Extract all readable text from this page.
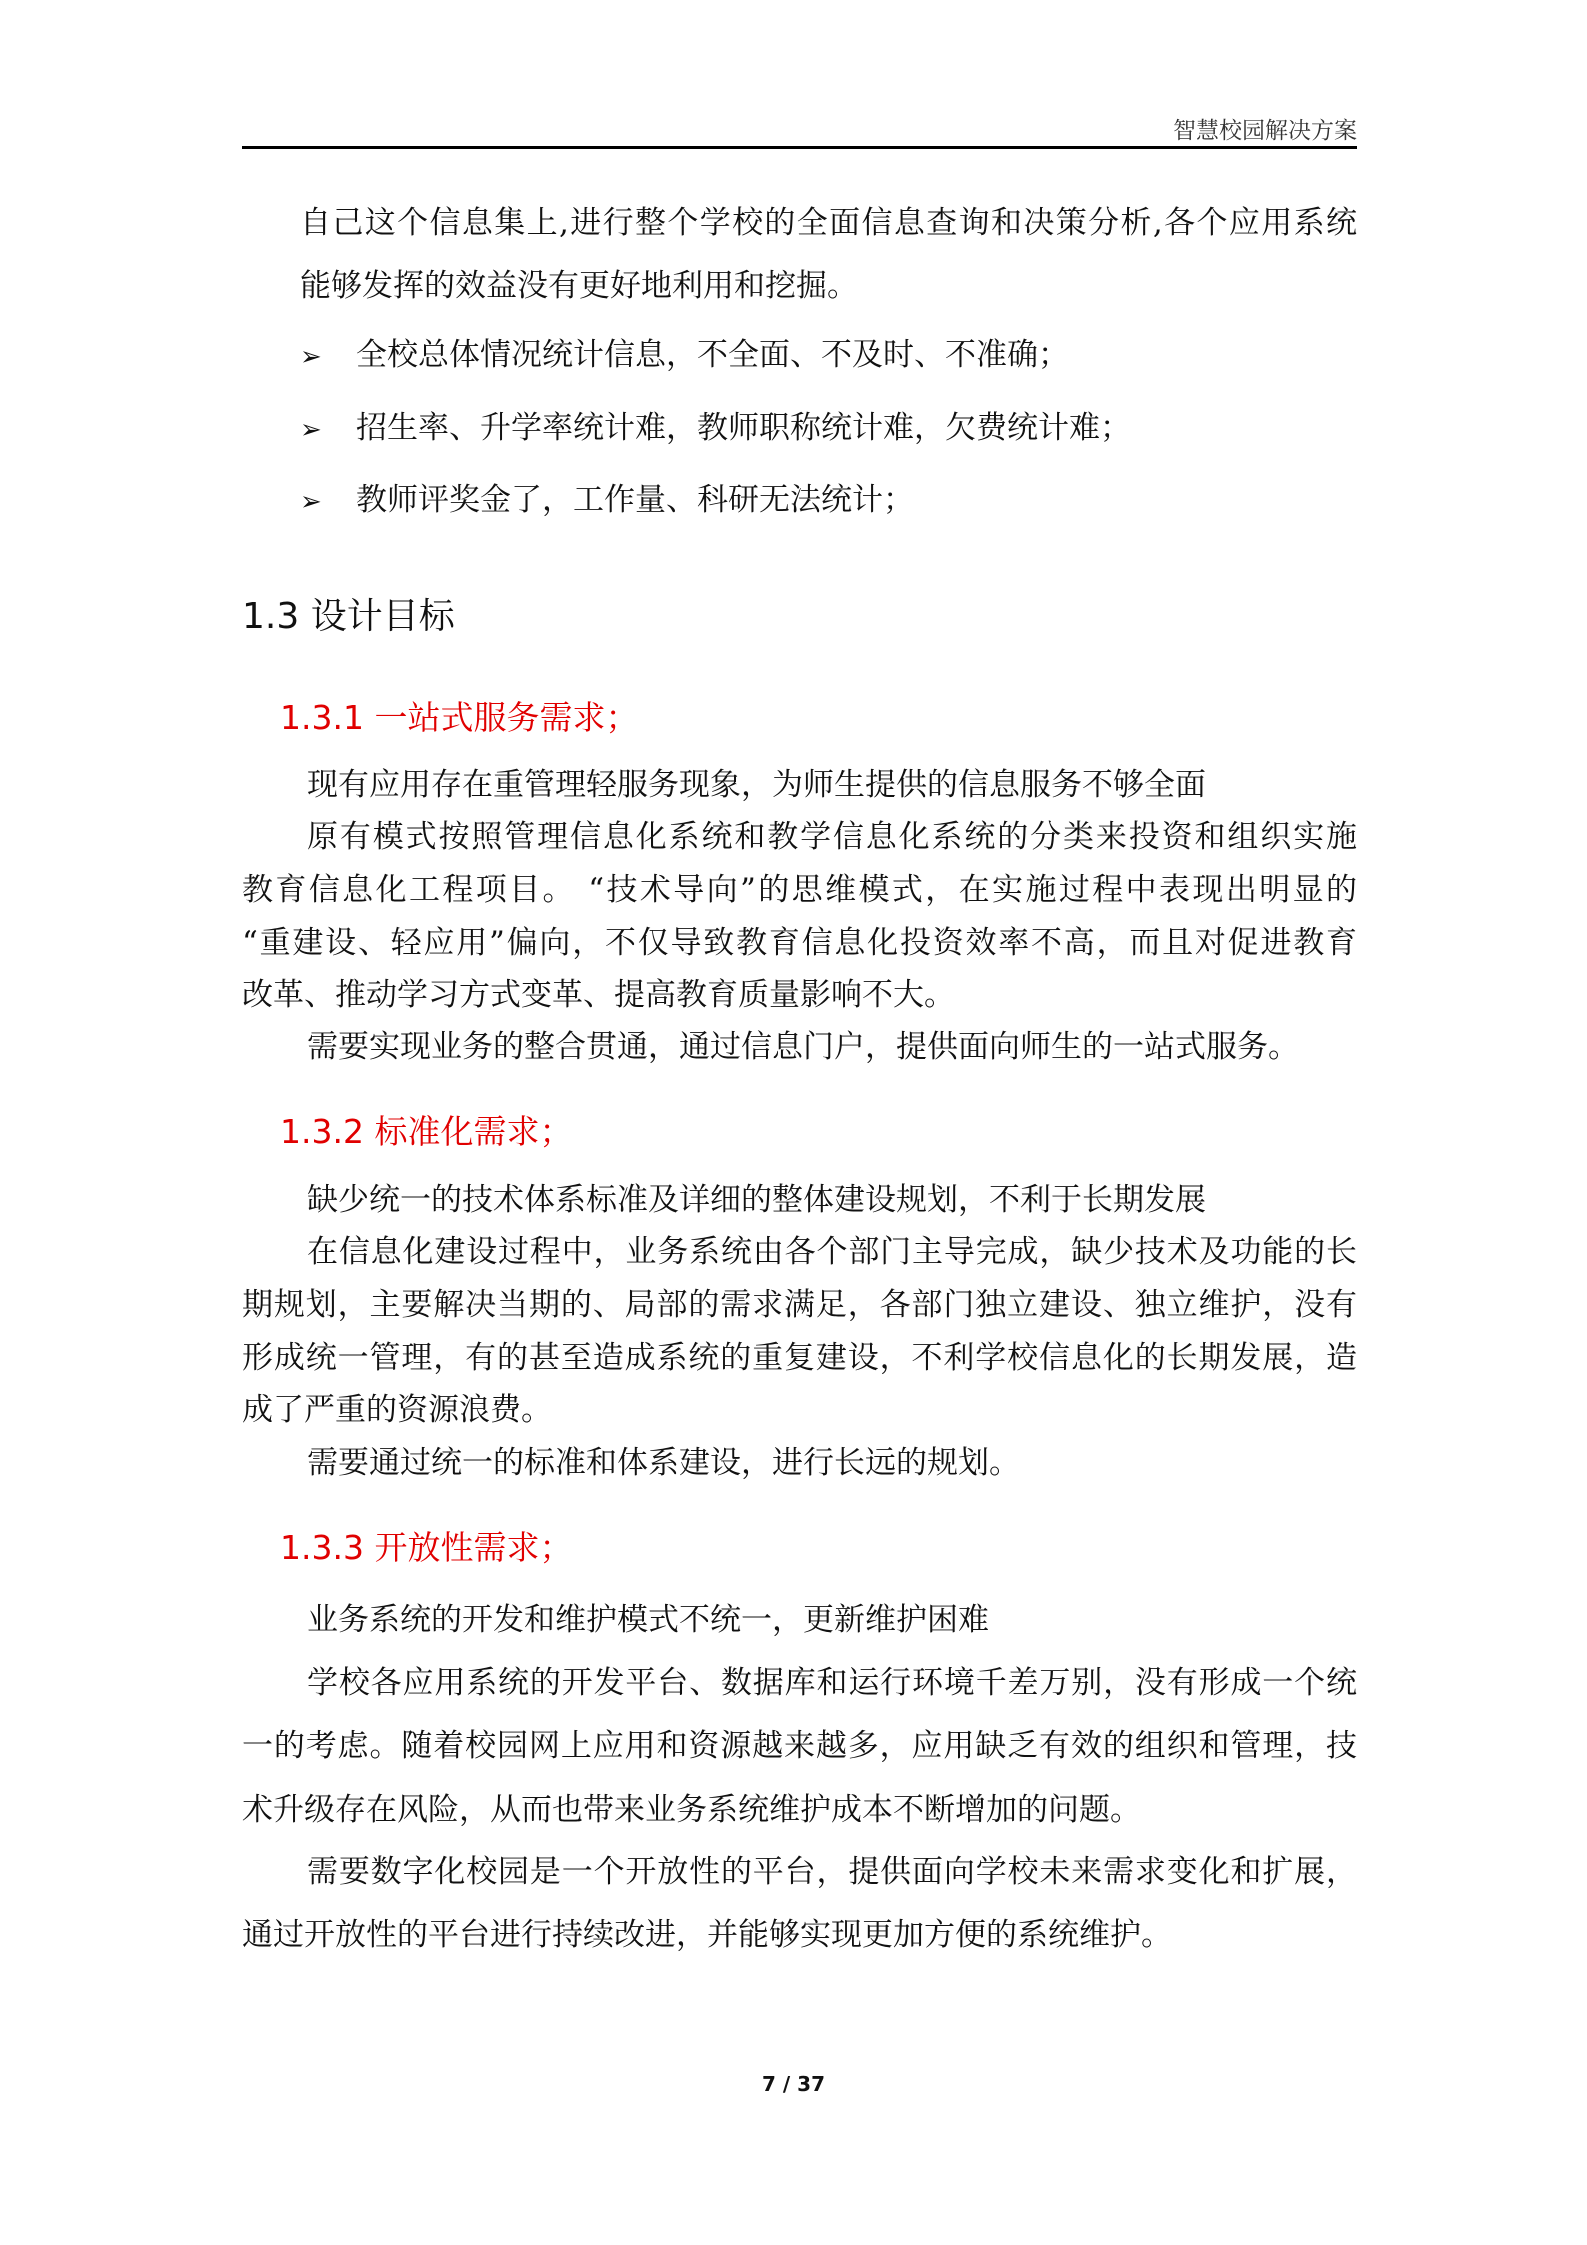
智慧校园解决方案
自己这个信息集上,进行整个学校的全面信息查询和决策分析,各个应用系统
能够发挥的效益没有更好地利用和挖掘。
➢ 全校总体情况统计信息，不全面、不及时、不准确；
➢ 招生率、升学率统计难，教师职称统计难，欠费统计难；
➢ 教师评奖金了，工作量、科研无法统计；
1.3 设计目标
1.3.1 一站式服务需求；
现有应用存在重管理轻服务现象，为师生提供的信息服务不够全面
原有模式按照管理信息化系统和教学信息化系统的分类来投资和组织实施
教育信息化工程项目。 “技术导向”的思维模式，在实施过程中表现出明显的
“重建设、轻应用”偏向，不仅导致教育信息化投资效率不高，而且对促进教育
改革、推动学习方式变革、提高教育质量影响不大。
需要实现业务的整合贯通，通过信息门户，提供面向师生的一站式服务。
1.3.2 标准化需求；
缺少统一的技术体系标准及详细的整体建设规划，不利于长期发展
在信息化建设过程中，业务系统由各个部门主导完成，缺少技术及功能的长
期规划，主要解决当期的、局部的需求满足，各部门独立建设、独立维护，没有
形成统一管理，有的甚至造成系统的重复建设，不利学校信息化的长期发展，造
成了严重的资源浪费。
需要通过统一的标准和体系建设，进行长远的规划。
1.3.3 开放性需求；
业务系统的开发和维护模式不统一，更新维护困难
学校各应用系统的开发平台、数据库和运行环境千差万别，没有形成一个统
一的考虑。随着校园网上应用和资源越来越多，应用缺乏有效的组织和管理，技
术升级存在风险，从而也带来业务系统维护成本不断增加的问题。
需要数字化校园是一个开放性的平台，提供面向学校未来需求变化和扩展，
通过开放性的平台进行持续改进，并能够实现更加方便的系统维护。
7 / 37
